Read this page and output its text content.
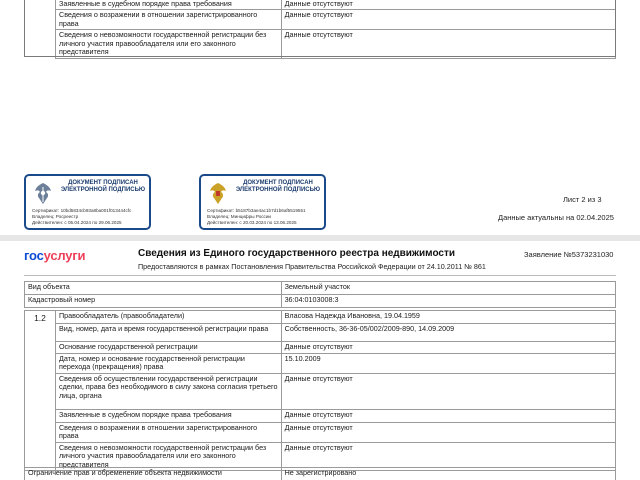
Заявленные в судебном порядке права требования	Данные отсутствуют
Сведения о возражении в отношении зарегистрированного права	Данные отсутствуют
Сведения о невозможности государственной регистрации без личного участия правообладателя или его законного представителя	Данные отсутствуют
ДОКУМЕНТ ПОДПИСАН ЭЛЕКТРОННОЙ ПОДПИСЬЮ
Сертификат: 10bd5834cb93a8ba001f013444cfc
Владелец: Росреестр
Действителен: с 05.04.2024 по 29.06.2025
ДОКУМЕНТ ПОДПИСАН ЭЛЕКТРОННОЙ ПОДПИСЬЮ
Сертификат: b5187b3ae4ac1b7d1b6af5519551
Владелец: Минцифры России
Действителен: с 20.03.2024 по 13.06.2025
Лист 2 из 3
Данные актуальны на 02.04.2025
госуслуги	Сведения из Единого государственного реестра недвижимости
Предоставляются в рамках Постановления Правительства Российской Федерации от 24.10.2011 № 861
Заявление №5373231030
Вид объекта	Земельный участок
Кадастровый номер	36:04:0103008:3
1.2	Правообладатель (правообладатели)	Власова Надежда Ивановна, 19.04.1959
	Вид, номер, дата и время государственной регистрации права	Собственность, 36-36-05/002/2009-890, 14.09.2009
	Основание государственной регистрации	Данные отсутствуют
	Дата, номер и основание государственной регистрации перехода (прекращения) права	15.10.2009
	Сведения об осуществлении государственной регистрации сделки, права без необходимого в силу закона согласия третьего лица, органа	Данные отсутствуют
	Заявленные в судебном порядке права требования	Данные отсутствуют
	Сведения о возражении в отношении зарегистрированного права	Данные отсутствуют
	Сведения о невозможности государственной регистрации без личного участия правообладателя или его законного представителя	Данные отсутствуют
Ограничение прав и обременение объекта недвижимости	Не зарегистрировано
